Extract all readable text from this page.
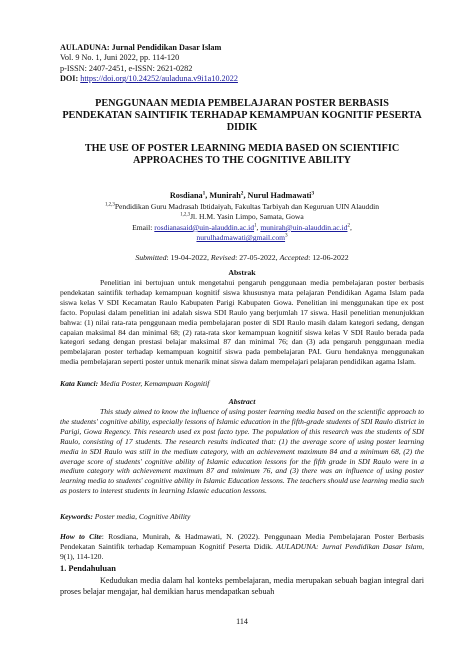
AULADUNA: Jurnal Pendidikan Dasar Islam
Vol. 9 No. 1, Juni 2022, pp. 114-120
p-ISSN: 2407-2451, e-ISSN: 2621-0282
DOI: https://doi.org/10.24252/auladuna.v9i1a10.2022
PENGGUNAAN MEDIA PEMBELAJARAN POSTER BERBASIS PENDEKATAN SAINTIFIK TERHADAP KEMAMPUAN KOGNITIF PESERTA DIDIK
THE USE OF POSTER LEARNING MEDIA BASED ON SCIENTIFIC APPROACHES TO THE COGNITIVE ABILITY
Rosdiana$^1$, Munirah$^2$, Nurul Hadmawati$^3$
$^{1,2,3}$Pendidikan Guru Madrasah Ibtidaiyah, Fakultas Tarbiyah dan Keguruan UIN Alauddin
$^{1,2,3}$Jl. H.M. Yasin Limpo, Samata, Gowa
Email: $rosdianasaid@uin-alauddin.ac.id^1$, $munirah@uin-alauddin.ac.id^2$,
nurulhadmawati@gmail.com$^3$
Submitted: 19-04-2022, Revised: 27-05-2022, Accepted: 12-06-2022
Abstrak
Penelitian ini bertujuan untuk mengetahui pengaruh penggunaan media pembelajaran poster berbasis pendekatan saintifik terhadap kemampuan kognitif siswa khususnya mata pelajaran Pendidikan Agama Islam pada siswa kelas V SDI Kecamatan Raulo Kabupaten Parigi Kabupaten Gowa. Penelitian ini menggunakan tipe ex post facto. Populasi dalam penelitian ini adalah siswa SDI Raulo yang berjumlah 17 siswa. Hasil penelitian menunjukkan bahwa: (1) nilai rata-rata penggunaan media pembelajaran poster di SDI Raulo masih dalam kategori sedang, dengan capaian maksimal 84 dan minimal 68; (2) rata-rata skor kemampuan kognitif siswa kelas V SDI Raulo berada pada kategori sedang dengan prestasi belajar maksimal 87 dan minimal 76; dan (3) ada pengaruh penggunaan media pembelajaran poster terhadap kemampuan kognitif siswa pada pembelajaran PAI. Guru hendaknya menggunakan media pembelajaran seperti poster untuk menarik minat siswa dalam mempelajari pelajaran pendidikan agama Islam.
Kata Kunci: Media Poster, Kemampuan Kognitif
Abstract
This study aimed to know the influence of using poster learning media based on the scientific approach to the students' cognitive ability, especially lessons of Islamic education in the fifth-grade students of SDI Raulo district in Parigi, Gowa Regency. This research used ex post facto type. The population of this research was the students of SDI Raulo, consisting of 17 students. The research results indicated that: (1) the average score of using poster learning media in SDI Raulo was still in the medium category, with an achievement maximum 84 and a minimum 68, (2) the average score of students' cognitive ability of Islamic education lessons for the fifth grade in SDI Raulo were in a medium category with achievement maximum 87 and minimum 76, and (3) there was an influence of using poster learning media to students' cognitive ability in Islamic Education lessons. The teachers should use learning media such as posters to interest students in learning Islamic education lessons.
Keywords: Poster media, Cognitive Ability
How to Cite: Rosdiana, Munirah, & Hadmawati, N. (2022). Penggunaan Media Pembelajaran Poster Berbasis Pendekatan Saintifik terhadap Kemampuan Kognitif Peserta Didik. AULADUNA: Jurnal Pendidikan Dasar Islam, 9(1), 114-120.
1. Pendahuluan
Kedudukan media dalam hal konteks pembelajaran, media merupakan sebuah bagian integral dari proses belajar mengajar, hal demikian harus mendapatkan sebuah
114
